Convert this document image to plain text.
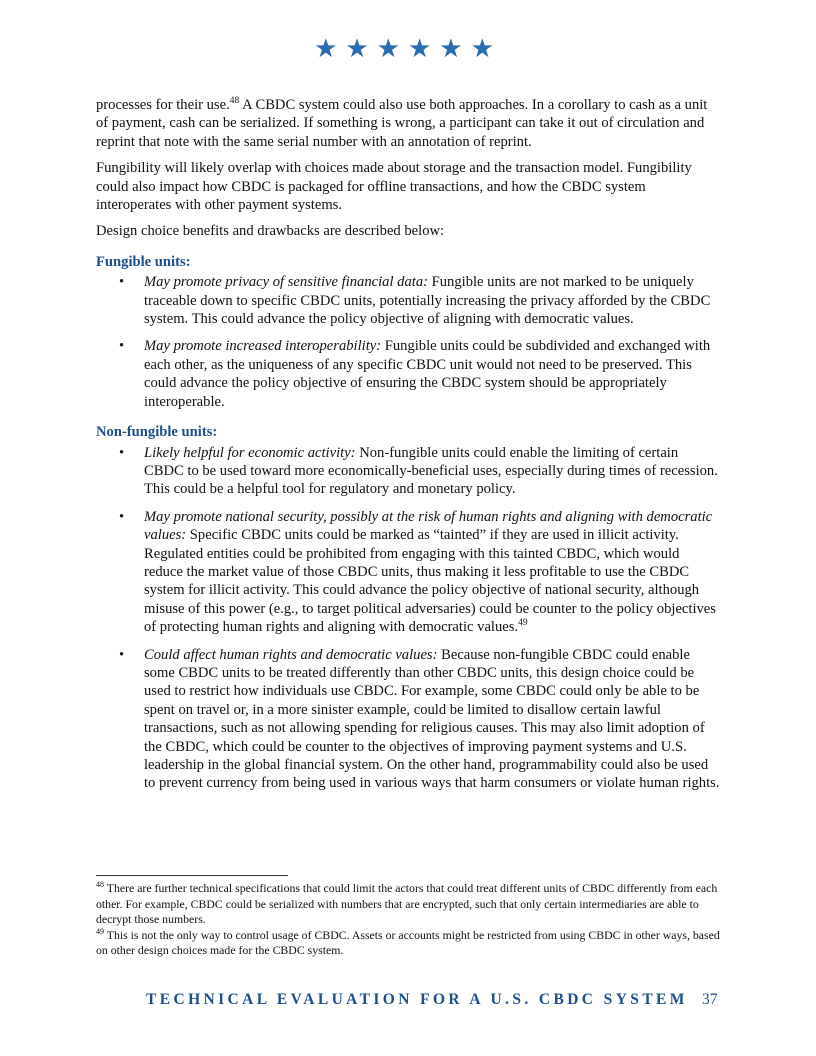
★★★★★★

processes for their use.$^{48}$ A CBDC system could also use both approaches. In a corollary to cash as a unit of payment, cash can be serialized. If something is wrong, a participant can take it out of circulation and reprint that note with the same serial number with an annotation of reprint.

Fungibility will likely overlap with choices made about storage and the transaction model. Fungibility could also impact how CBDC is packaged for offline transactions, and how the CBDC system interoperates with other payment systems.

Design choice benefits and drawbacks are described below:

Fungible units:
• May promote privacy of sensitive financial data: Fungible units are not marked to be uniquely traceable down to specific CBDC units, potentially increasing the privacy afforded by the CBDC system. This could advance the policy objective of aligning with democratic values.
• May promote increased interoperability: Fungible units could be subdivided and exchanged with each other, as the uniqueness of any specific CBDC unit would not need to be preserved. This could advance the policy objective of ensuring the CBDC system should be appropriately interoperable.
Non-fungible units:
• Likely helpful for economic activity: Non-fungible units could enable the limiting of certain CBDC to be used toward more economically-beneficial uses, especially during times of recession. This could be a helpful tool for regulatory and monetary policy.
• May promote national security, possibly at the risk of human rights and aligning with democratic values: Specific CBDC units could be marked as “tainted” if they are used in illicit activity. Regulated entities could be prohibited from engaging with this tainted CBDC, which would reduce the market value of those CBDC units, thus making it less profitable to use the CBDC system for illicit activity. This could advance the policy objective of national security, although misuse of this power (e.g., to target political adversaries) could be counter to the policy objectives of protecting human rights and aligning with democratic values.$^{49}$
• Could affect human rights and democratic values: Because non-fungible CBDC could enable some CBDC units to be treated differently than other CBDC units, this design choice could be used to restrict how individuals use CBDC. For example, some CBDC could only be able to be spent on travel or, in a more sinister example, could be limited to disallow certain lawful transactions, such as not allowing spending for religious causes. This may also limit adoption of the CBDC, which could be counter to the objectives of improving payment systems and U.S. leadership in the global financial system. On the other hand, programmability could also be used to prevent currency from being used in various ways that harm consumers or violate human rights.

$^{48}$ There are further technical specifications that could limit the actors that could treat different units of CBDC differently from each other. For example, CBDC could be serialized with numbers that are encrypted, such that only certain intermediaries are able to decrypt those numbers.

$^{49}$ This is not the only way to control usage of CBDC. Assets or accounts might be restricted from using CBDC in other ways, based on other design choices made for the CBDC system.

TECHNICAL EVALUATION FOR A U.S. CBDC SYSTEM 37
